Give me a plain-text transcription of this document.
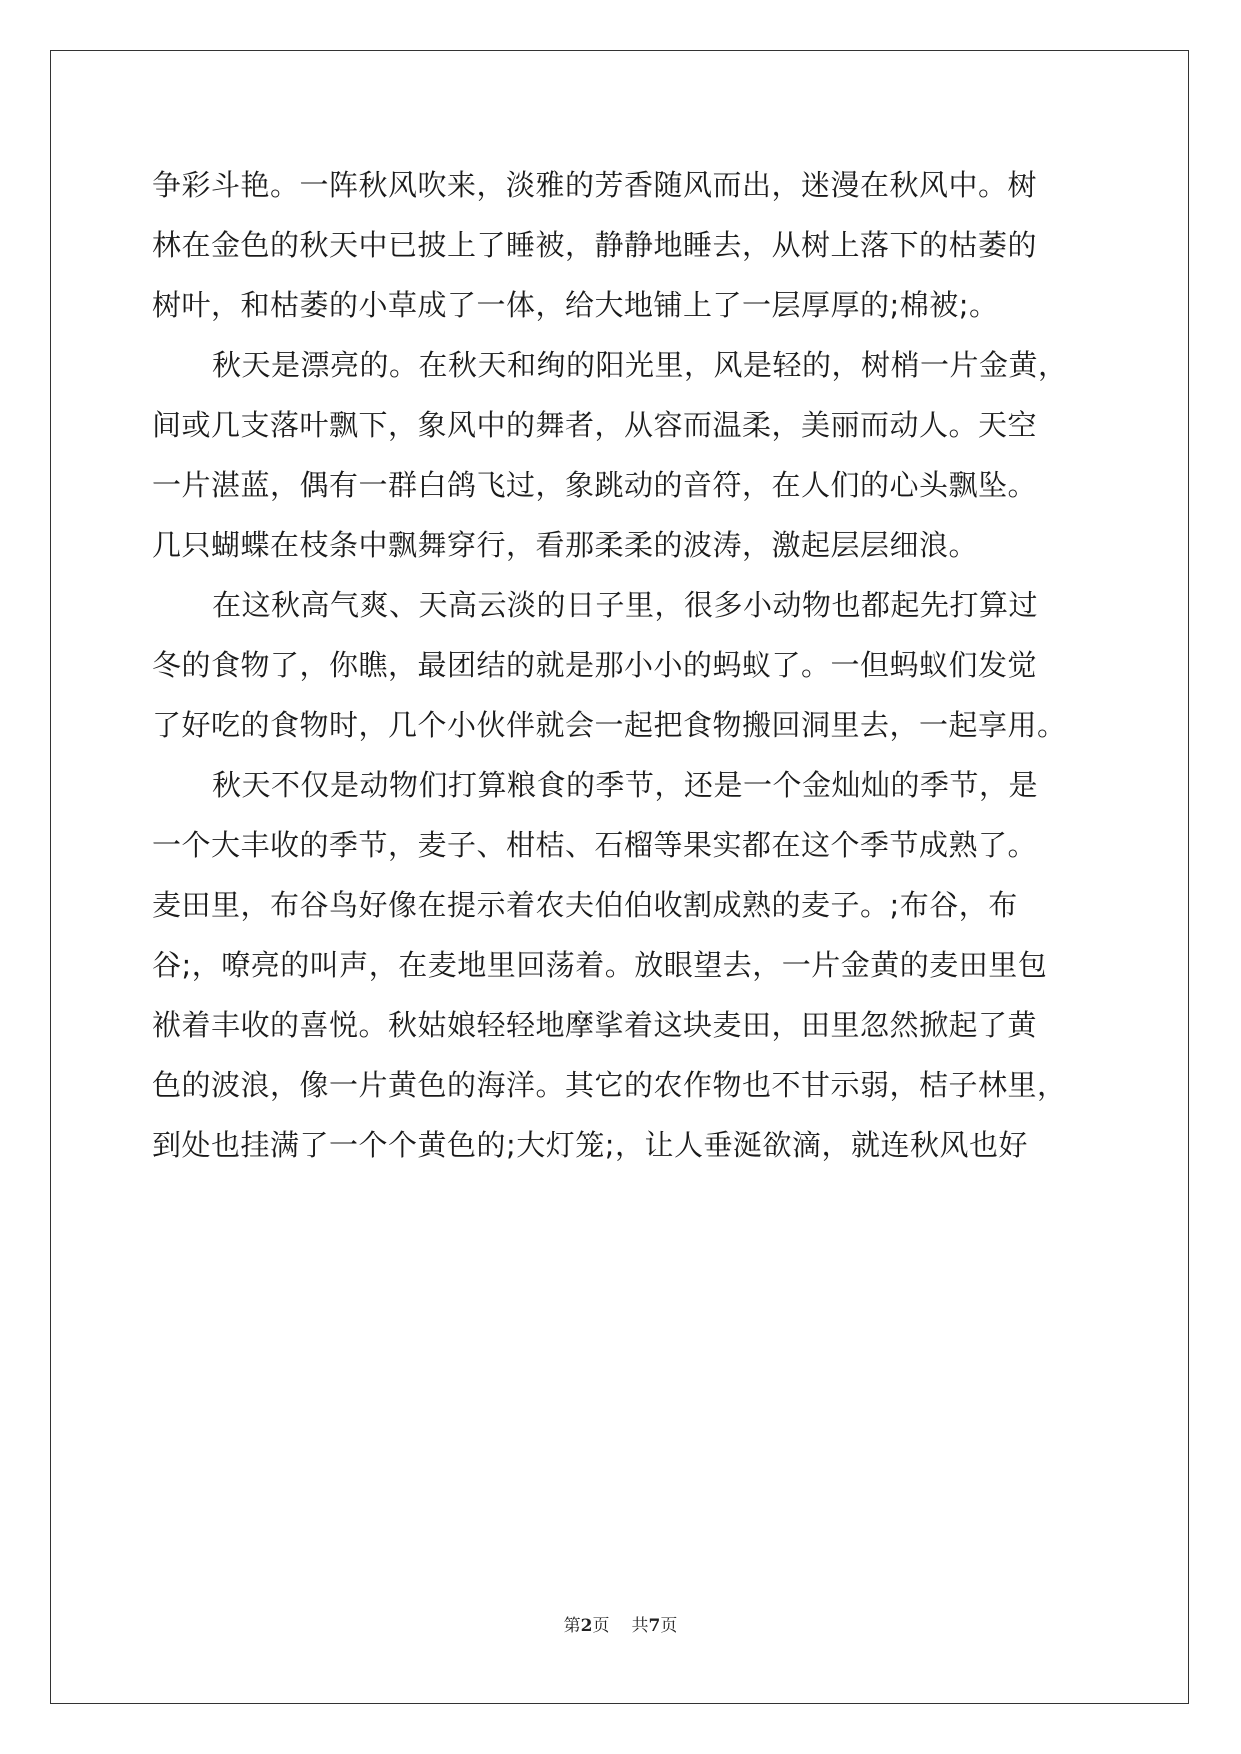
争彩斗艳。一阵秋风吹来，淡雅的芳香随风而出，迷漫在秋风中。树
林在金色的秋天中已披上了睡被，静静地睡去，从树上落下的枯萎的
树叶，和枯萎的小草成了一体，给大地铺上了一层厚厚的;棉被;。
秋天是漂亮的。在秋天和绚的阳光里，风是轻的，树梢一片金黄，
间或几支落叶飘下，象风中的舞者，从容而温柔，美丽而动人。天空
一片湛蓝，偶有一群白鸽飞过，象跳动的音符，在人们的心头飘坠。
几只蝴蝶在枝条中飘舞穿行，看那柔柔的波涛，激起层层细浪。
在这秋高气爽、天高云淡的日子里，很多小动物也都起先打算过
冬的食物了，你瞧，最团结的就是那小小的蚂蚁了。一但蚂蚁们发觉
了好吃的食物时，几个小伙伴就会一起把食物搬回洞里去，一起享用。
秋天不仅是动物们打算粮食的季节，还是一个金灿灿的季节，是
一个大丰收的季节，麦子、柑桔、石榴等果实都在这个季节成熟了。
麦田里，布谷鸟好像在提示着农夫伯伯收割成熟的麦子。;布谷，布
谷;，嘹亮的叫声，在麦地里回荡着。放眼望去，一片金黄的麦田里包
袱着丰收的喜悦。秋姑娘轻轻地摩挲着这块麦田，田里忽然掀起了黄
色的波浪，像一片黄色的海洋。其它的农作物也不甘示弱，桔子林里，
到处也挂满了一个个黄色的;大灯笼;，让人垂涎欲滴，就连秋风也好
第2页 共7页
